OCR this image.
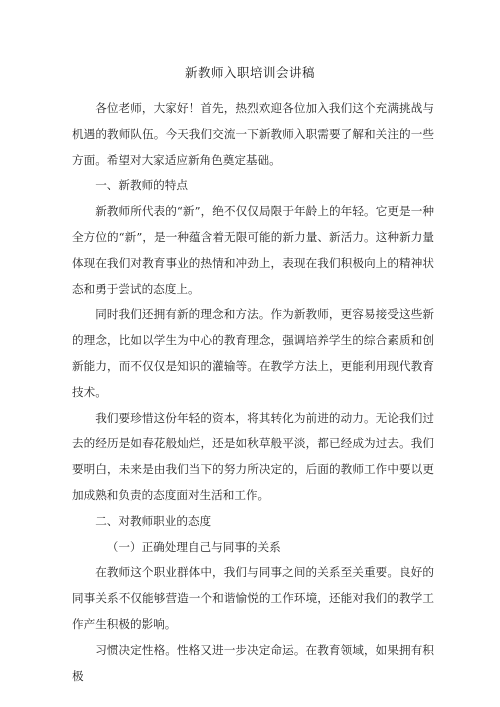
新教师入职培训会讲稿

各位老师，大家好！首先，热烈欢迎各位加入我们这个充满挑战与机遇的教师队伍。今天我们交流一下新教师入职需要了解和关注的一些方面。希望对大家适应新角色奠定基础。

一、新教师的特点

新教师所代表的“新”，绝不仅仅局限于年龄上的年轻。它更是一种全方位的“新”，是一种蕴含着无限可能的新力量、新活力。这种新力量体现在我们对教育事业的热情和冲劲上，表现在我们积极向上的精神状态和勇于尝试的态度上。

同时我们还拥有新的理念和方法。作为新教师，更容易接受这些新的理念，比如以学生为中心的教育理念，强调培养学生的综合素质和创新能力，而不仅仅是知识的灌输等。在教学方法上，更能利用现代教育技术。

我们要珍惜这份年轻的资本，将其转化为前进的动力。无论我们过去的经历是如春花般灿烂，还是如秋草般平淡，都已经成为过去。我们要明白，未来是由我们当下的努力所决定的，后面的教师工作中要以更加成熟和负责的态度面对生活和工作。

二、对教师职业的态度

（一）正确处理自己与同事的关系

在教师这个职业群体中，我们与同事之间的关系至关重要。良好的同事关系不仅能够营造一个和谐愉悦的工作环境，还能对我们的教学工作产生积极的影响。

习惯决定性格。性格又进一步决定命运。在教育领域，如果拥有积极
